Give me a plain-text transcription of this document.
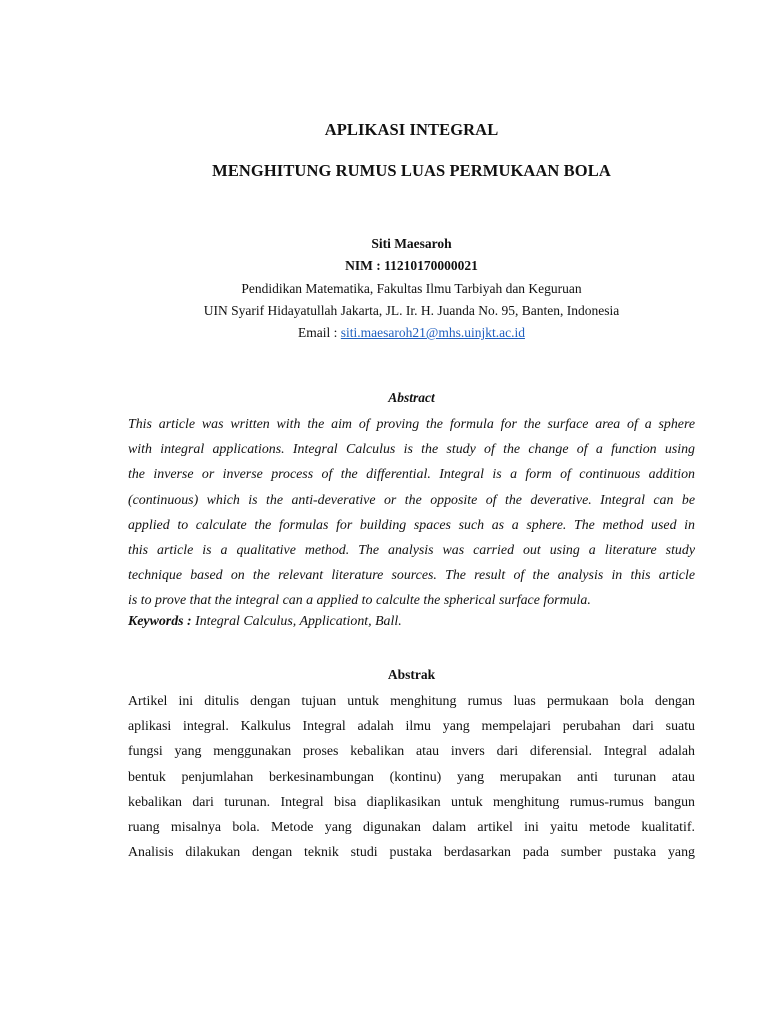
APLIKASI INTEGRAL
MENGHITUNG RUMUS LUAS PERMUKAAN BOLA
Siti Maesaroh
NIM : 11210170000021
Pendidikan Matematika, Fakultas Ilmu Tarbiyah dan Keguruan
UIN Syarif Hidayatullah Jakarta, JL. Ir. H. Juanda No. 95, Banten, Indonesia
Email : siti.maesaroh21@mhs.uinjkt.ac.id
Abstract

This article was written with the aim of proving the formula for the surface area of a sphere
with integral applications. Integral Calculus is the study of the change of a function using
the inverse or inverse process of the differential. Integral is a form of continuous addition
(continuous) which is the anti-deverative or the opposite of the deverative. Integral can be
applied to calculate the formulas for building spaces such as a sphere. The method used in
this article is a qualitative method. The analysis was carried out using a literature study
technique based on the relevant literature sources. The result of the analysis in this article
is to prove that the integral can a applied to calculte the spherical surface formula.

Keywords : Integral Calculus, Applicationt, Ball.

Abstrak

Artikel ini ditulis dengan tujuan untuk menghitung rumus luas permukaan bola dengan
aplikasi integral. Kalkulus Integral adalah ilmu yang mempelajari perubahan dari suatu
fungsi yang menggunakan proses kebalikan atau invers dari diferensial. Integral adalah
bentuk penjumlahan berkesinambungan (kontinu) yang merupakan anti turunan atau
kebalikan dari turunan. Integral bisa diaplikasikan untuk menghitung rumus-rumus bangun
ruang misalnya bola. Metode yang digunakan dalam artikel ini yaitu metode kualitatif.
Analisis dilakukan dengan teknik studi pustaka berdasarkan pada sumber pustaka yang
